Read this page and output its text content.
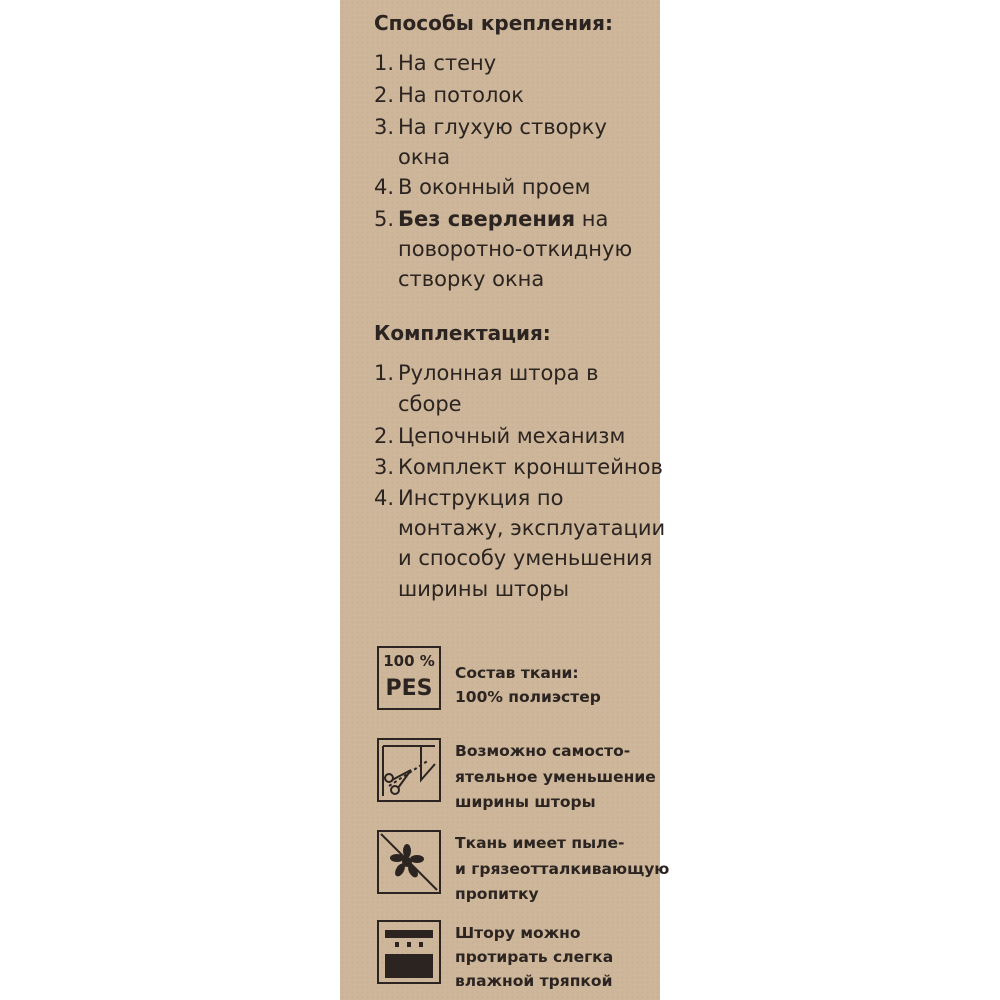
Способы крепления:
1. На стену
2. На потолок
3. На глухую створку
окна
4. В оконный проем
5. Без сверления на
поворотно-откидную
створку окна
Комплектация:
1. Рулонная штора в
сборе
2. Цепочный механизм
3. Комплект кронштейнов
4. Инструкция по
монтажу, эксплуатации
и способу уменьшения
ширины шторы
100 %
PES
Состав ткани:
100% полиэстер
Возможно самосто-
ятельное уменьшение
ширины шторы
Ткань имеет пыле-
и грязеотталкивающую
пропитку
Штору можно
протирать слегка
влажной тряпкой
